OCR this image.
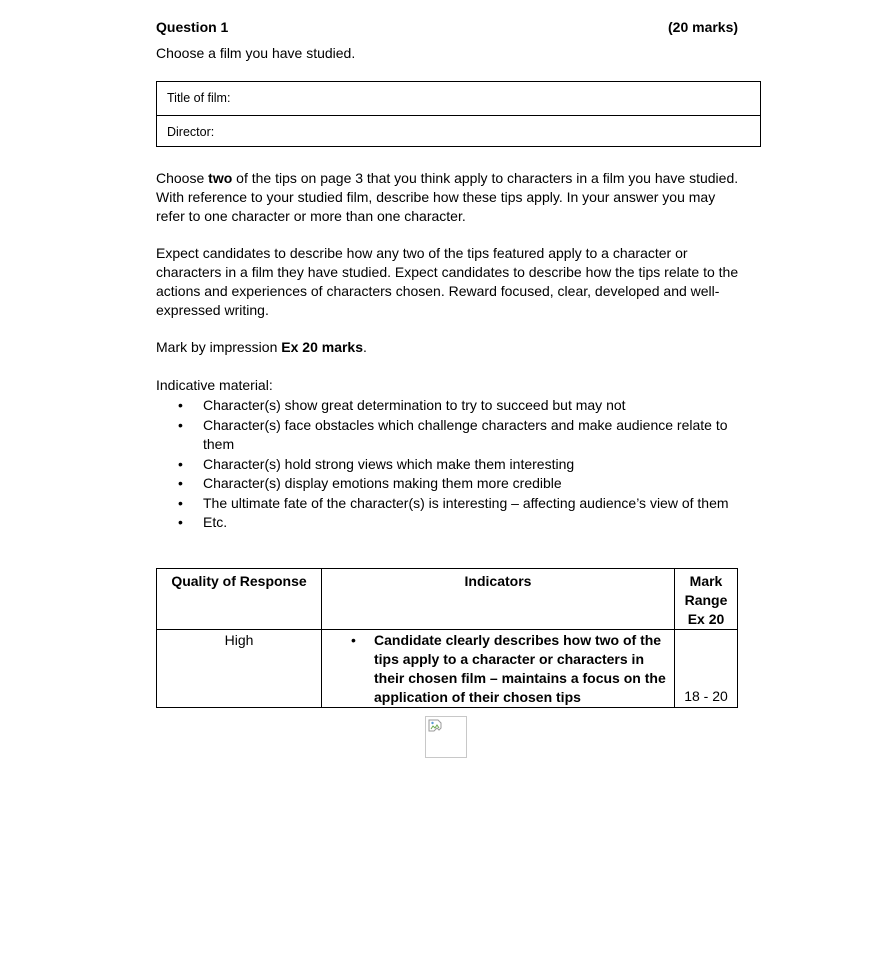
Question 1	(20 marks)
Choose a film you have studied.
Title of film:
Director:
Choose two of the tips on page 3 that you think apply to characters in a film you have studied. With reference to your studied film, describe how these tips apply. In your answer you may refer to one character or more than one character.
Expect candidates to describe how any two of the tips featured apply to a character or characters in a film they have studied. Expect candidates to describe how the tips relate to the actions and experiences of characters chosen. Reward focused, clear, developed and well-expressed writing.
Mark by impression Ex 20 marks.
Indicative material:
• Character(s) show great determination to try to succeed but may not
• Character(s) face obstacles which challenge characters and make audience relate to them
• Character(s) hold strong views which make them interesting
• Character(s) display emotions making them more credible
• The ultimate fate of the character(s) is interesting – affecting audience’s view of them
• Etc.
Quality of Response	Indicators	Mark
Range
Ex 20

High	• Candidate clearly describes how two of the tips apply to a character or characters in their chosen film – maintains a focus on the application of their chosen tips	18 - 20
